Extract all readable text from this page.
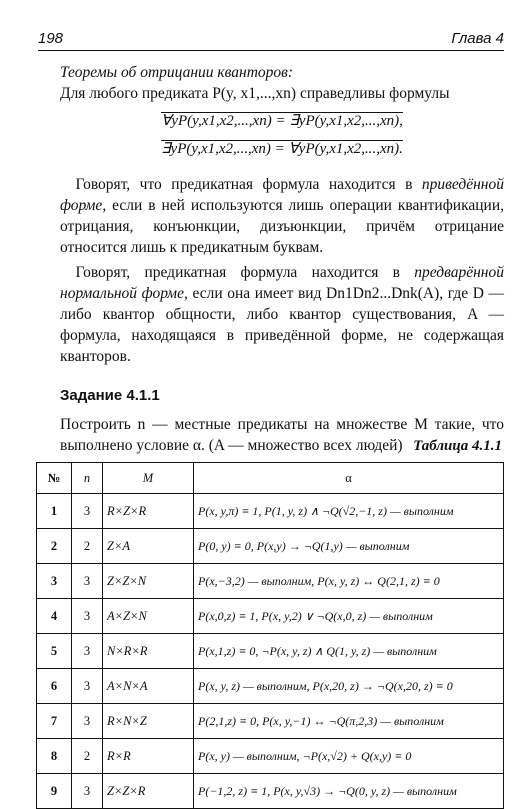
198	Глава 4

Теоремы об отрицании кванторов:

Для любого предиката P(y, x1,...,xn) справедливы формулы

∀yP(y,x1,x2,...,xn) = ∃yP(y,x1,x2,...,xn),
∃yP(y,x1,x2,...,xn) = ∀yP(y,x1,x2,...,xn).

 Говорят, что предикатная формула находится в приведённой форме, если в ней используются лишь операции квантификации, отрицания, конъюнкции, дизъюнкции, причём отрицание относится лишь к предикатным буквам.

 Говорят, предикатная формула находится в предварённой нормальной форме, если она имеет вид Dn1Dn2...Dnk(A), где D — либо квантор общности, либо квантор существования, A — формула, находящаяся в приведённой форме, не содержащая кванторов.

Задание 4.1.1

Построить n — местные предикаты на множестве M такие, что выполнено условие α. (A — множество всех людей) Таблица 4.1.1
№	n	M	α
1	3	R×Z×R	P(x, y,π) ≡ 1, P(1, y, z) ∧ ¬Q(√2,−1, z) — выполним
2	2	Z×A	P(0, y) ≡ 0, P(x,y) → ¬Q(1,y) — выполним
3	3	Z×Z×N	P(x,−3,2) — выполним, P(x, y, z) ↔ Q(2,1, z) ≡ 0
4	3	A×Z×N	P(x,0,z) ≡ 1, P(x, y,2) ∨ ¬Q(x,0, z) — выполним
5	3	N×R×R	P(x,1,z) ≡ 0, ¬P(x, y, z) ∧ Q(1, y, z) — выполним
6	3	A×N×A	P(x, y, z) — выполним, P(x,20, z) → ¬Q(x,20, z) ≡ 0
7	3	R×N×Z	P(2,1,z) ≡ 0, P(x, y,−1) ↔ ¬Q(π,2,3) — выполним
8	2	R×R	P(x, y) — выполним, ¬P(x,√2) + Q(x,y) ≡ 0
9	3	Z×Z×R	P(−1,2, z) ≡ 1, P(x, y,√3) → ¬Q(0, y, z) — выполним
